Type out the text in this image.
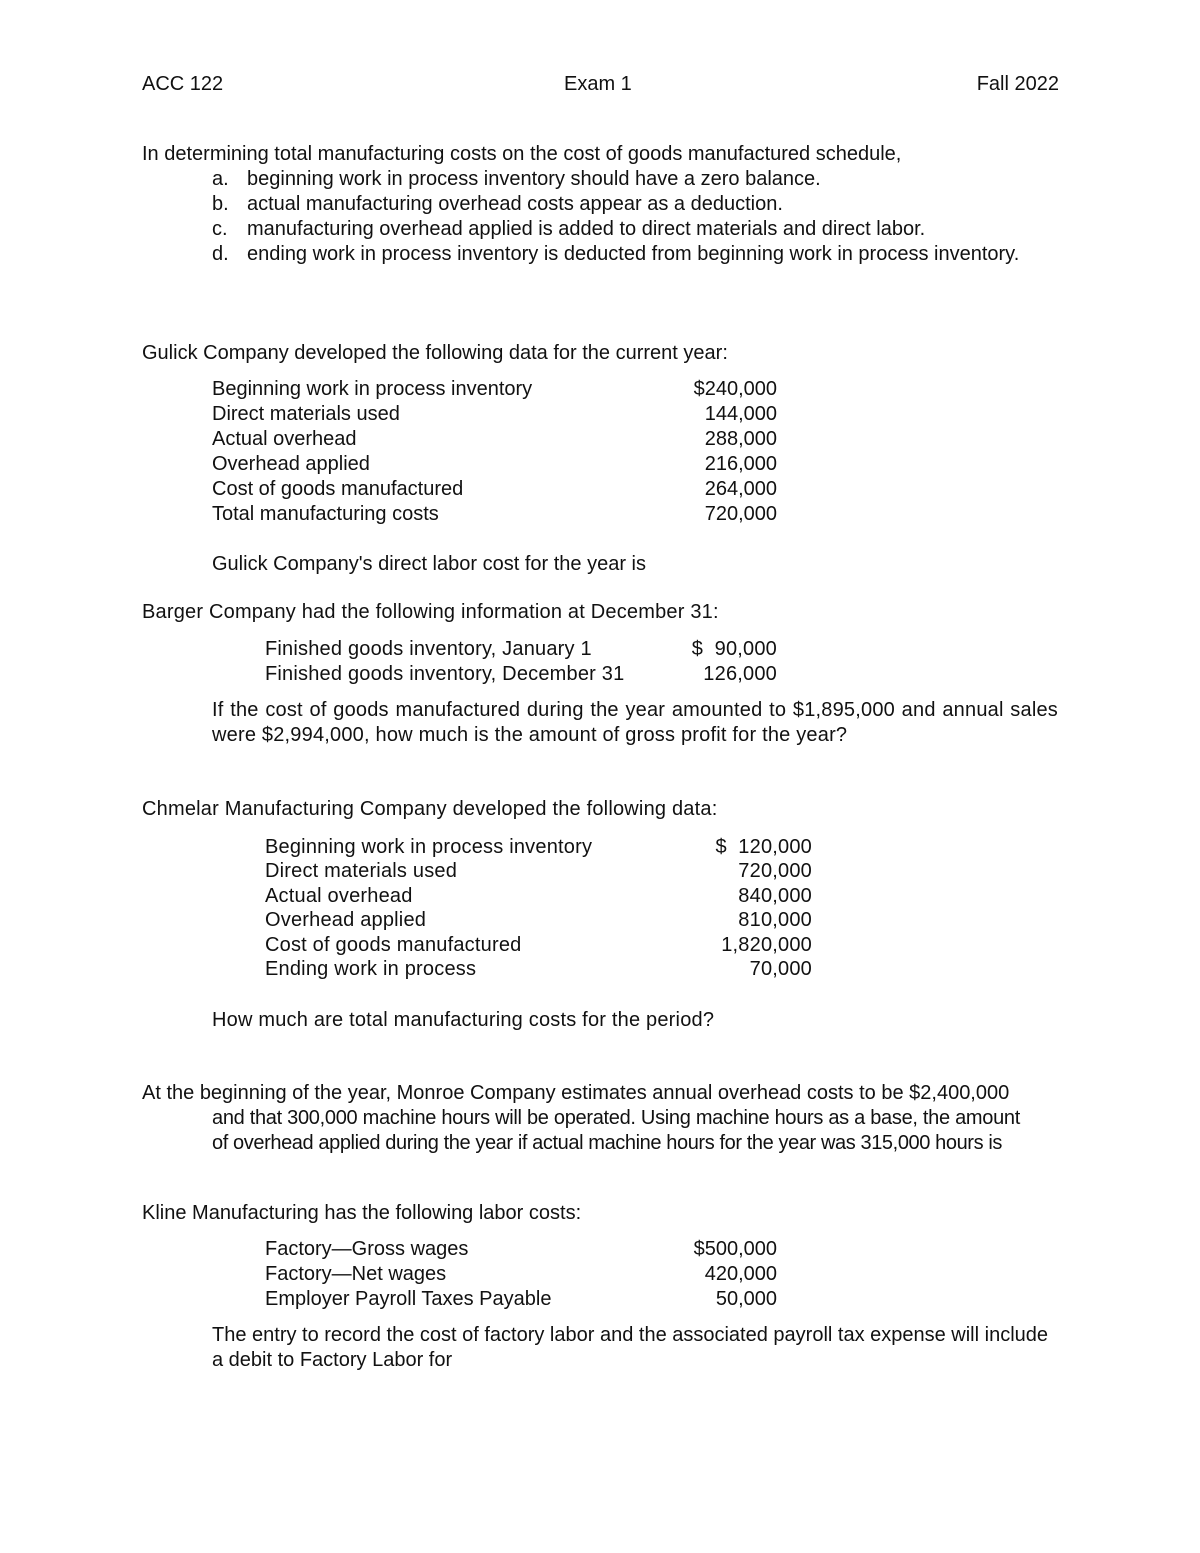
ACC 122	Exam 1	Fall 2022
In determining total manufacturing costs on the cost of goods manufactured schedule,
a. beginning work in process inventory should have a zero balance.
b. actual manufacturing overhead costs appear as a deduction.
c. manufacturing overhead applied is added to direct materials and direct labor.
d. ending work in process inventory is deducted from beginning work in process inventory.
Gulick Company developed the following data for the current year:
Beginning work in process inventory	$240,000
Direct materials used	144,000
Actual overhead	288,000
Overhead applied	216,000
Cost of goods manufactured	264,000
Total manufacturing costs	720,000
Gulick Company's direct labor cost for the year is
Barger Company had the following information at December 31:
Finished goods inventory, January 1	$  90,000
Finished goods inventory, December 31	126,000
If the cost of goods manufactured during the year amounted to $1,895,000 and annual sales were $2,994,000, how much is the amount of gross profit for the year?
Chmelar Manufacturing Company developed the following data:
Beginning work in process inventory	$  120,000
Direct materials used	720,000
Actual overhead	840,000
Overhead applied	810,000
Cost of goods manufactured	1,820,000
Ending work in process	70,000
How much are total manufacturing costs for the period?
At the beginning of the year, Monroe Company estimates annual overhead costs to be $2,400,000
and that 300,000 machine hours will be operated. Using machine hours as a base, the amount
of overhead applied during the year if actual machine hours for the year was 315,000 hours is
Kline Manufacturing has the following labor costs:
Factory—Gross wages	$500,000
Factory—Net wages	420,000
Employer Payroll Taxes Payable	50,000
The entry to record the cost of factory labor and the associated payroll tax expense will include a debit to Factory Labor for
